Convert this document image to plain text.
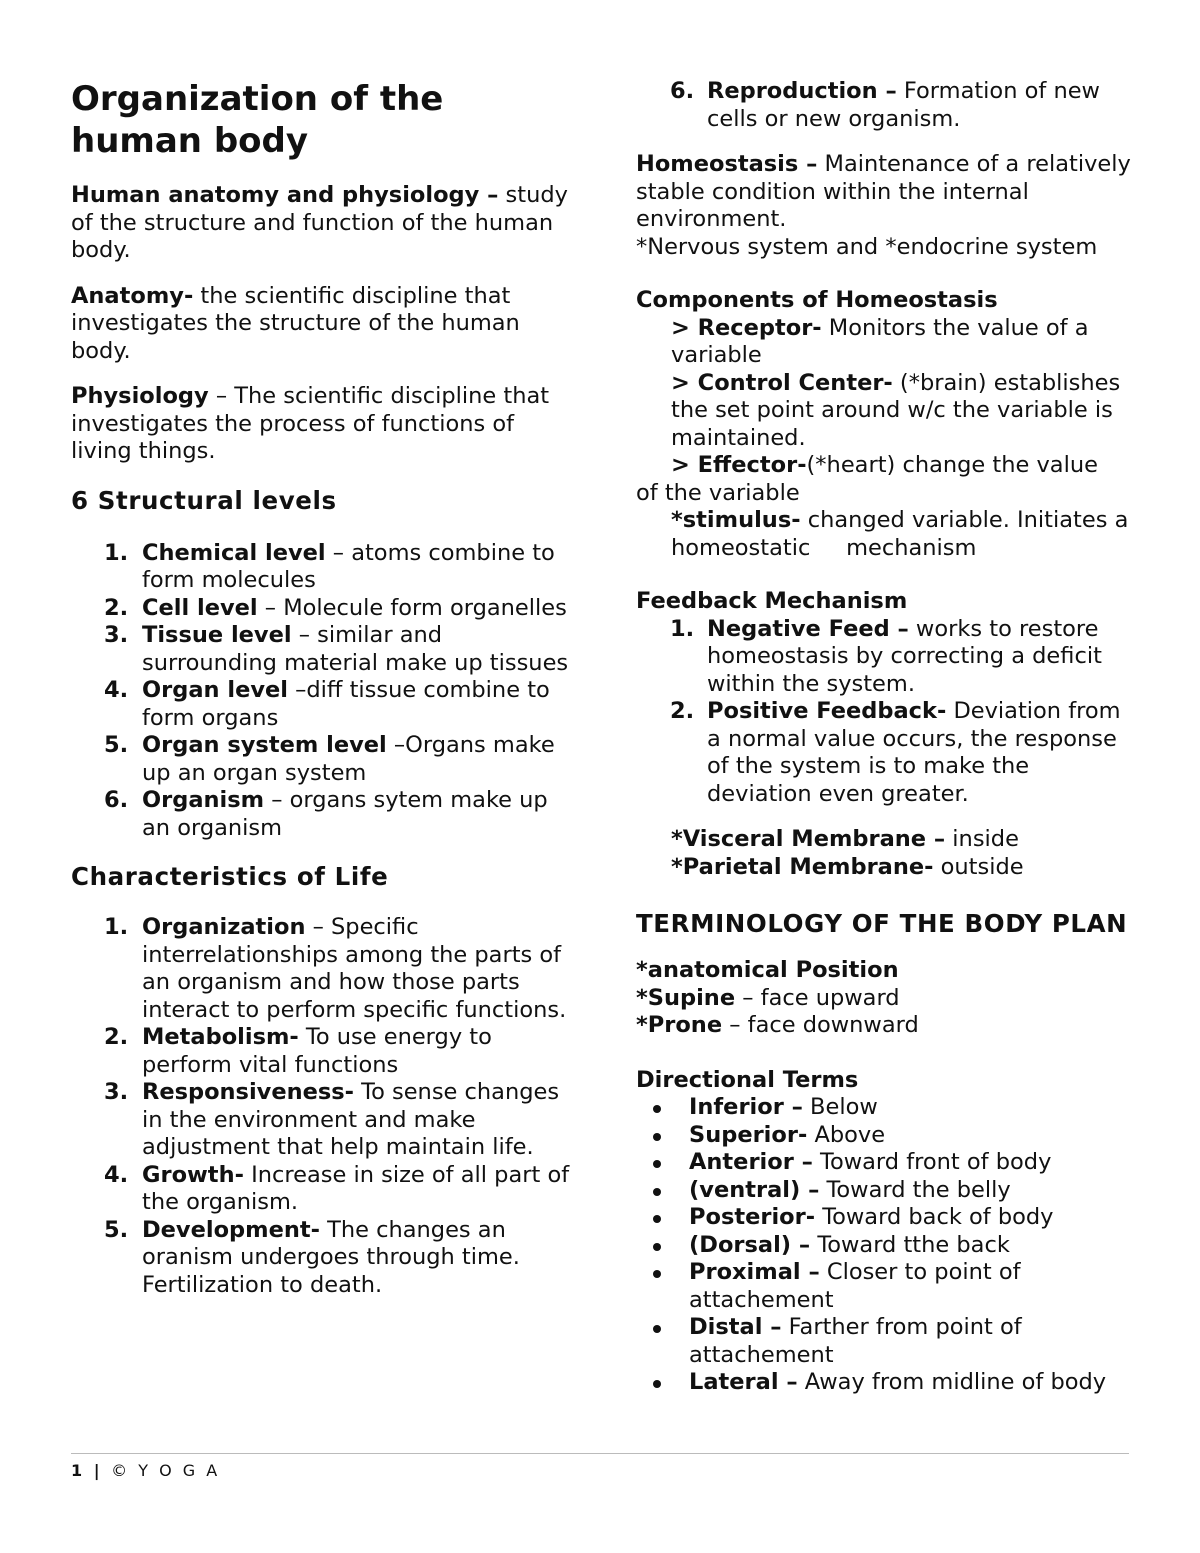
Organization of the human body

Human anatomy and physiology – study of the structure and function of the human body.

Anatomy- the scientific discipline that investigates the structure of the human body.

Physiology – The scientific discipline that investigates the process of functions of living things.

6 Structural levels
1. Chemical level – atoms combine to form molecules
2. Cell level – Molecule form organelles
3. Tissue level – similar and surrounding material make up tissues
4. Organ level –diff tissue combine to form organs
5. Organ system level –Organs make up an organ system
6. Organism – organs sytem make up an organism
Characteristics of Life
1. Organization – Specific interrelationships among the parts of an organism and how those parts interact to perform specific functions.
2. Metabolism- To use energy to perform vital functions
3. Responsiveness- To sense changes in the environment and make adjustment that help maintain life.
4. Growth- Increase in size of all part of the organism.
5. Development- The changes an oranism undergoes through time. Fertilization to death.
6. Reproduction – Formation of new cells or new organism.

Homeostasis – Maintenance of a relatively stable condition within the internal environment.

*Nervous system and *endocrine system

Components of Homeostasis

> Receptor- Monitors the value of a variable

> Control Center- (*brain) establishes the set point around w/c the variable is maintained.

> Effector-(*heart) change the value
of the variable

*stimulus- changed variable. Initiates a homeostatic     mechanism

Feedback Mechanism

1. Negative Feed – works to restore homeostasis by correcting a deficit within the system.
2. Positive Feedback- Deviation from a normal value occurs, the response of the system is to make the deviation even greater.

*Visceral Membrane – inside

*Parietal Membrane- outside

TERMINOLOGY OF THE BODY PLAN

*anatomical Position

*Supine – face upward

*Prone – face downward

Directional Terms

Inferior – Below
Superior- Above
Anterior – Toward front of body
(ventral) – Toward the belly
Posterior- Toward back of body
(Dorsal) – Toward tthe back
Proximal – Closer to point of attachement
Distal – Farther from point of attachement
Lateral – Away from midline of body
1 | © Y O G A
